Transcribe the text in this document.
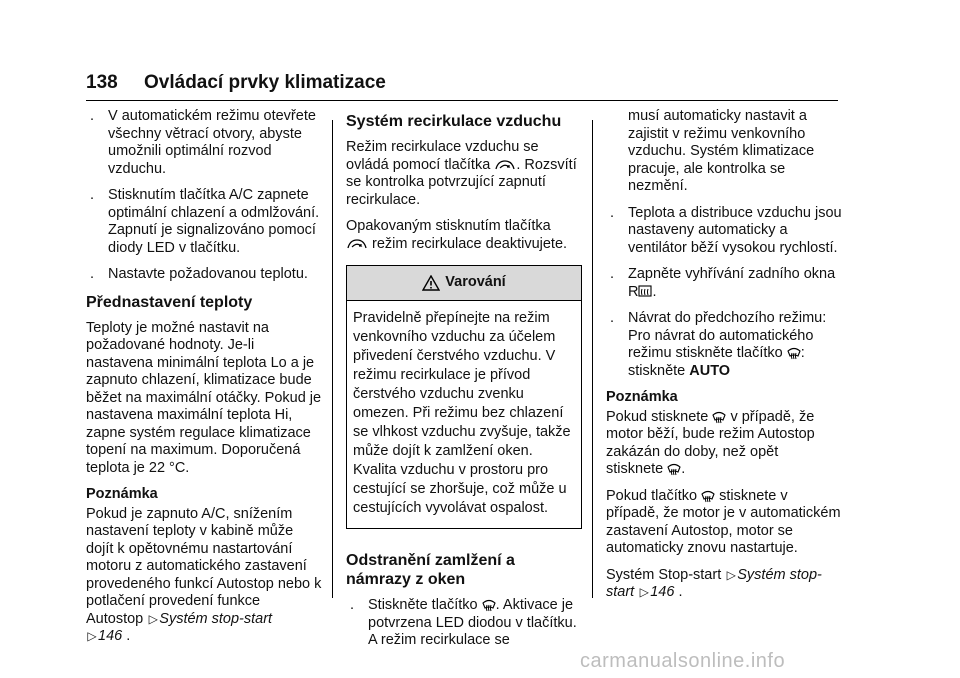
138 Ovládací prvky klimatizace
. V automatickém režimu otevřete všechny větrací otvory, abyste umožnili optimální rozvod vzduchu.
. Stisknutím tlačítka A/C zapnete optimální chlazení a odmlžování. Zapnutí je signalizováno pomocí diody LED v tlačítku.
. Nastavte požadovanou teplotu.
Přednastavení teploty

Teploty je možné nastavit na požadované hodnoty. Je-li nastavena minimální teplota Lo a je zapnuto chlazení, klimatizace bude běžet na maximální otáčky. Pokud je nastavena maximální teplota Hi, zapne systém regulace klimatizace topení na maximum. Doporučená teplota je 22 °C.

Poznámka

Pokud je zapnuto A/C, snížením nastavení teploty v kabině může dojít k opětovnému nastartování motoru z automatického zastavení provedeného funkcí Autostop nebo k potlačení provedení funkce

Autostop ▷Systém stop-start
▷146 .

Systém recirkulace vzduchu

Režim recirkulace vzduchu se
ovládá pomocí tlačítka . Rozsvítí se kontrolka potvrzující zapnutí recirkulace.

Opakovaným stisknutím tlačítka
režim recirkulace deaktivujete.

Varování
Pravidelně přepínejte na režim venkovního vzduchu za účelem přivedení čerstvého vzduchu. V režimu recirkulace je přívod čerstvého vzduchu zvenku omezen. Při režimu bez chlazení se vlhkost vzduchu zvyšuje, takže může dojít k zamlžení oken. Kvalita vzduchu v prostoru pro cestující se zhoršuje, což může u cestujících vyvolávat ospalost.
Odstranění zamlžení a námrazy z oken
. Stiskněte tlačítko . Aktivace je potvrzena LED diodou v tlačítku. A režim recirkulace se
musí automaticky nastavit a zajistit v režimu venkovního vzduchu. Systém klimatizace pracuje, ale kontrolka se nezmění.
. Teplota a distribuce vzduchu jsou nastaveny automaticky a ventilátor běží vysokou rychlostí.
. Zapněte vyhřívání zadního okna
R .
. Návrat do předchozího režimu: Pro návrat do automatického
režimu stiskněte tlačítko :
stiskněte AUTO
Poznámka

Pokud stisknete v případě, že motor běží, bude režim Autostop zakázán do doby, než opět
stisknete .

Pokud tlačítko stisknete v případě, že motor je v automatickém zastavení Autostop, motor se automaticky znovu nastartuje.

Systém Stop-start ▷Systém stop-start ▷146 .

carmanualsonline.info
